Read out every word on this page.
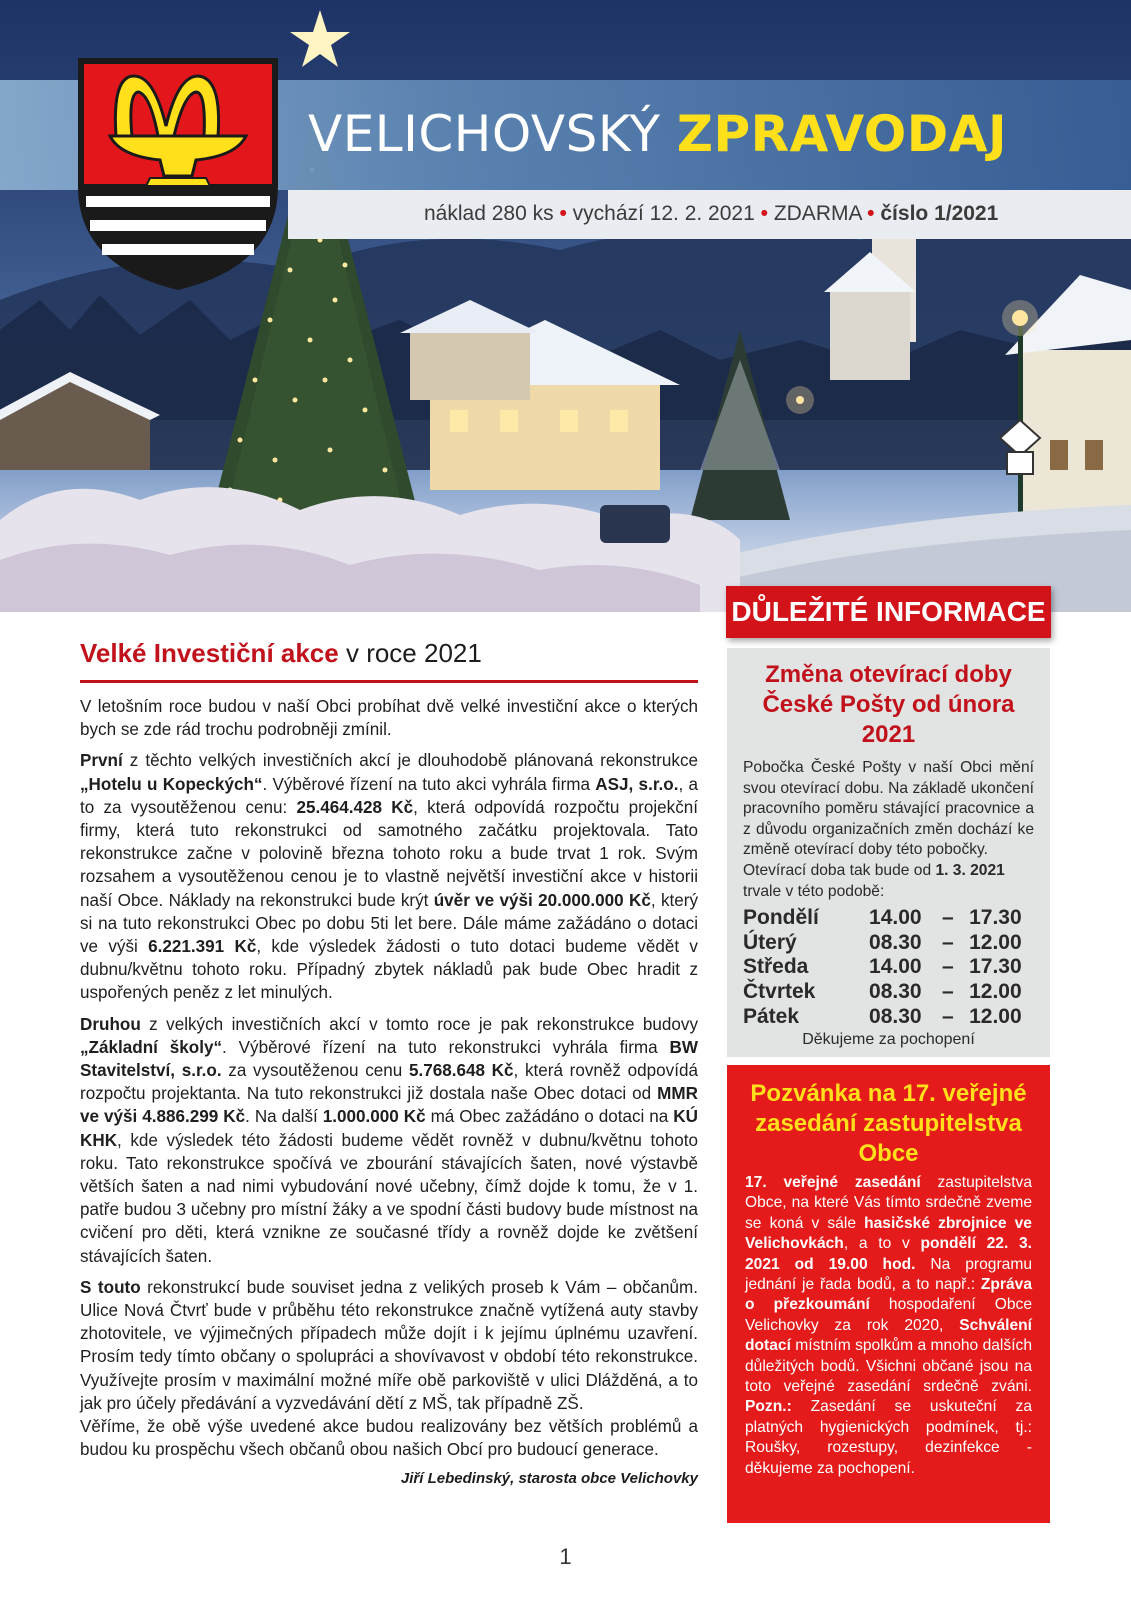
VELICHOVSKÝ ZPRAVODAJ
náklad 280 ks • vychází 12. 2. 2021 • ZDARMA • číslo 1/2021
Velké Investiční akce v roce 2021

V letošním roce budou v naší Obci probíhat dvě velké investiční akce o kterých bych se zde rád trochu podrobněji zmínil.

První z těchto velkých investičních akcí je dlouhodobě plánovaná rekonstrukce „Hotelu u Kopeckých“. Výběrové řízení na tuto akci vyhrála firma ASJ, s.r.o., a to za vysoutěženou cenu: 25.464.428 Kč, která odpovídá rozpočtu projekční firmy, která tuto rekonstrukci od samotného začátku projektovala. Tato rekonstrukce začne v polovině března tohoto roku a bude trvat 1 rok. Svým rozsahem a vysoutěženou cenou je to vlastně největší investiční akce v historii naší Obce. Náklady na rekonstrukci bude krýt úvěr ve výši 20.000.000 Kč, který si na tuto rekonstrukci Obec po dobu 5ti let bere. Dále máme zažádáno o dotaci ve výši 6.221.391 Kč, kde výsledek žádosti o tuto dotaci budeme vědět v dubnu/květnu tohoto roku. Případný zbytek nákladů pak bude Obec hradit z uspořených peněz z let minulých.

Druhou z velkých investičních akcí v tomto roce je pak rekonstrukce budovy „Základní školy“. Výběrové řízení na tuto rekonstrukci vyhrála firma BW Stavitelství, s.r.o. za vysoutěženou cenu 5.768.648 Kč, která rovněž odpovídá rozpočtu projektanta. Na tuto rekonstrukci již dostala naše Obec dotaci od MMR ve výši 4.886.299 Kč. Na další 1.000.000 Kč má Obec zažádáno o dotaci na KÚ KHK, kde výsledek této žádosti budeme vědět rovněž v dubnu/květnu tohoto roku. Tato rekonstrukce spočívá ve zbourání stávajících šaten, nové výstavbě větších šaten a nad nimi vybudování nové učebny, čímž dojde k tomu, že v 1. patře budou 3 učebny pro místní žáky a ve spodní části budovy bude místnost na cvičení pro děti, která vznikne ze současné třídy a rovněž dojde ke zvětšení stávajících šaten.

S touto rekonstrukcí bude souviset jedna z velikých proseb k Vám – občanům. Ulice Nová Čtvrť bude v průběhu této rekonstrukce značně vytížená auty stavby zhotovitele, ve výjimečných případech může dojít i k jejímu úplnému uzavření. Prosím tedy tímto občany o spolupráci a shovívavost v období této rekonstrukce. Využívejte prosím v maximální možné míře obě parkoviště v ulici Dlážděná, a to jak pro účely předávání a vyzvedávání dětí z MŠ, tak případně ZŠ.

Věříme, že obě výše uvedené akce budou realizovány bez větších problémů a budou ku prospěchu všech občanů obou našich Obcí pro budoucí generace.

Jiří Lebedinský, starosta obce Velichovky
DŮLEŽITÉ INFORMACE
Změna otevírací doby České Pošty od února 2021

Pobočka České Pošty v naší Obci mění svou otevírací dobu. Na základě ukončení pracovního poměru stávající pracovnice a z důvodu organizačních změn dochází ke změně otevírací doby této pobočky.

Otevírací doba tak bude od 1. 3. 2021 trvale v této podobě:

Pondělí	14.00 – 17.30
Úterý	08.30 – 12.00
Středa	14.00 – 17.30
Čtvrtek	08.30 – 12.00
Pátek	08.30 – 12.00
Děkujeme za pochopení
Pozvánka na 17. veřejné zasedání zastupitelstva Obce

17. veřejné zasedání zastupitelstva Obce, na které Vás tímto srdečně zveme se koná v sále hasičské zbrojnice ve Velichovkách, a to v pondělí 22. 3. 2021 od 19.00 hod. Na programu jednání je řada bodů, a to např.: Zpráva o přezkoumání hospodaření Obce Velichovky za rok 2020, Schválení dotací místním spolkům a mnoho dalších důležitých bodů. Všichni občané jsou na toto veřejné zasedání srdečně zváni. Pozn.: Zasedání se uskuteční za platných hygienických podmínek, tj.: Roušky, rozestupy, dezinfekce - děkujeme za pochopení.

1
